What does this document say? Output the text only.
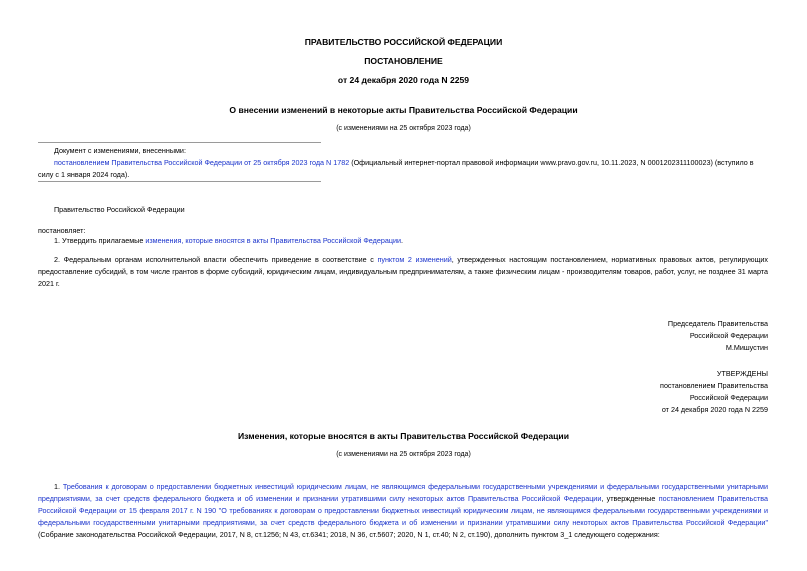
ПРАВИТЕЛЬСТВО РОССИЙСКОЙ ФЕДЕРАЦИИ
ПОСТАНОВЛЕНИЕ
от 24 декабря 2020 года N 2259
О внесении изменений в некоторые акты Правительства Российской Федерации
(с изменениями на 25 октября 2023 года)
Документ с изменениями, внесенными:
постановлением Правительства Российской Федерации от 25 октября 2023 года N 1782 (Официальный интернет-портал правовой информации www.pravo.gov.ru, 10.11.2023, N 0001202311100023) (вступило в
силу с 1 января 2024 года).
Правительство Российской Федерации
постановляет:
1. Утвердить прилагаемые изменения, которые вносятся в акты Правительства Российской Федерации.
2. Федеральным органам исполнительной власти обеспечить приведение в соответствие с пунктом 2 изменений, утвержденных настоящим постановлением, нормативных правовых актов, регулирующих предоставление субсидий, в том числе грантов в форме субсидий, юридическим лицам, индивидуальным предпринимателям, а также физическим лицам - производителям товаров, работ, услуг, не позднее 31 марта 2021 г.
Председатель Правительства
Российской Федерации
М.Мишустин
УТВЕРЖДЕНЫ
постановлением Правительства
Российской Федерации
от 24 декабря 2020 года N 2259
Изменения, которые вносятся в акты Правительства Российской Федерации
(с изменениями на 25 октября 2023 года)
1. Требования к договорам о предоставлении бюджетных инвестиций юридическим лицам, не являющимся федеральными государственными учреждениями и федеральными государственными унитарными предприятиями, за счет средств федерального бюджета и об изменении и признании утратившими силу некоторых актов Правительства Российской Федерации, утвержденные постановлением Правительства Российской Федерации от 15 февраля 2017 г. N 190 "О требованиях к договорам о предоставлении бюджетных инвестиций юридическим лицам, не являющимся федеральными государственными учреждениями и федеральными государственными унитарными предприятиями, за счет средств федерального бюджета и об изменении и признании утратившими силу некоторых актов Правительства Российской Федерации" (Собрание законодательства Российской Федерации, 2017, N 8, ст.1256; N 43, ст.6341; 2018, N 36, ст.5607; 2020, N 1, ст.40; N 2, ст.190), дополнить пунктом 3_1 следующего содержания:
